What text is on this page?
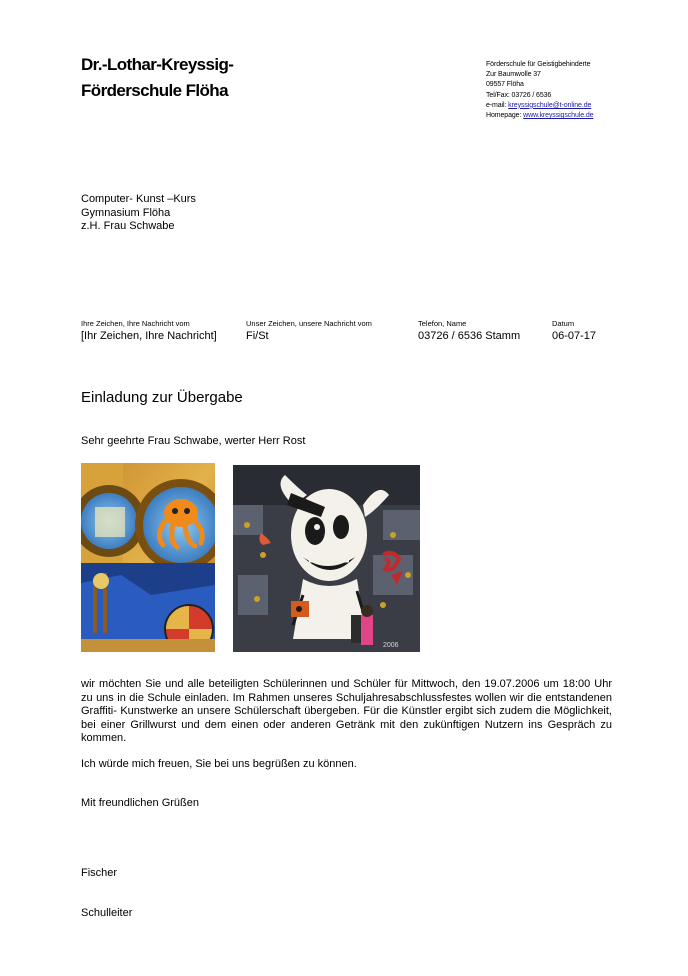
Dr.-Lothar-Kreyssig-
Förderschule Flöha
Förderschule für Geistigbehinderte
Zur Baumwolle 37
09557 Flöha
Tel/Fax: 03726 / 6536
e-mail: kreyssigschule@t-online.de
Homepage: www.kreyssigschule.de
Computer- Kunst –Kurs
Gymnasium Flöha
z.H. Frau Schwabe
Ihre Zeichen, Ihre Nachricht vom
[Ihr Zeichen, Ihre Nachricht]
Unser Zeichen, unsere Nachricht vom
Fi/St
Telefon, Name
03726 / 6536 Stamm
Datum
06-07-17
Einladung zur Übergabe
Sehr geehrte Frau Schwabe, werter Herr Rost
2006

wir möchten Sie und alle beteiligten Schülerinnen und Schüler für Mittwoch, den 19.07.2006 um 18:00 Uhr zu uns in die Schule einladen. Im Rahmen unseres Schuljahresabschlussfestes wollen wir die entstandenen Graffiti- Kunstwerke an unsere Schülerschaft übergeben. Für die Künstler ergibt sich zudem die Möglichkeit, bei einer Grillwurst und dem einen oder anderen Getränk mit den zukünftigen Nutzern ins Gespräch zu kommen.

Ich würde mich freuen, Sie bei uns begrüßen zu können.

Mit freundlichen Grüßen
Fischer
Schulleiter
